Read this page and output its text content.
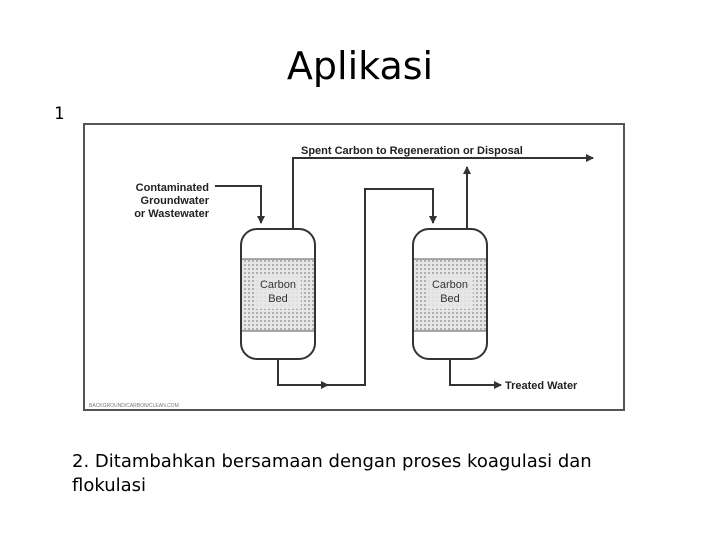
Aplikasi
1
Contaminated
Groundwater
or Wastewater
Carbon
Bed
Carbon
Bed
Spent Carbon to Regeneration or Disposal
Treated Water
BACKGROUND/CARBON/CLEAN.COM
2. Ditambahkan bersamaan dengan proses koagulasi dan flokulasi
